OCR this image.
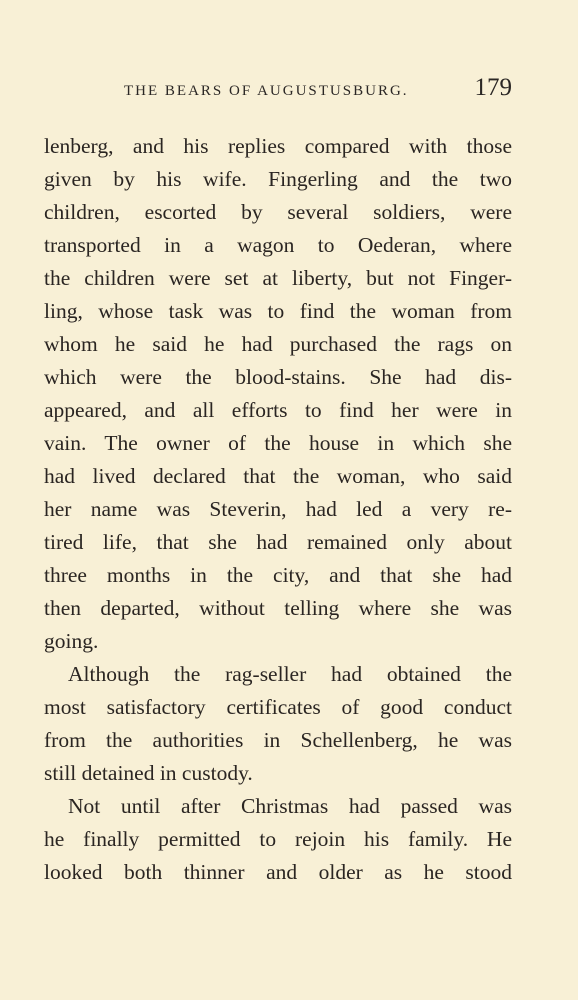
THE BEARS OF AUGUSTUSBURG.	179
lenberg, and his replies compared with those
given by his wife. Fingerling and the two
children, escorted by several soldiers, were
transported in a wagon to Oederan, where
the children were set at liberty, but not Finger-
ling, whose task was to find the woman from
whom he said he had purchased the rags on
which were the blood-stains. She had dis-
appeared, and all efforts to find her were in
vain. The owner of the house in which she
had lived declared that the woman, who said
her name was Steverin, had led a very re-
tired life, that she had remained only about
three months in the city, and that she had
then departed, without telling where she was
going.
Although the rag-seller had obtained the
most satisfactory certificates of good conduct
from the authorities in Schellenberg, he was
still detained in custody.
Not until after Christmas had passed was
he finally permitted to rejoin his family. He
looked both thinner and older as he stood
